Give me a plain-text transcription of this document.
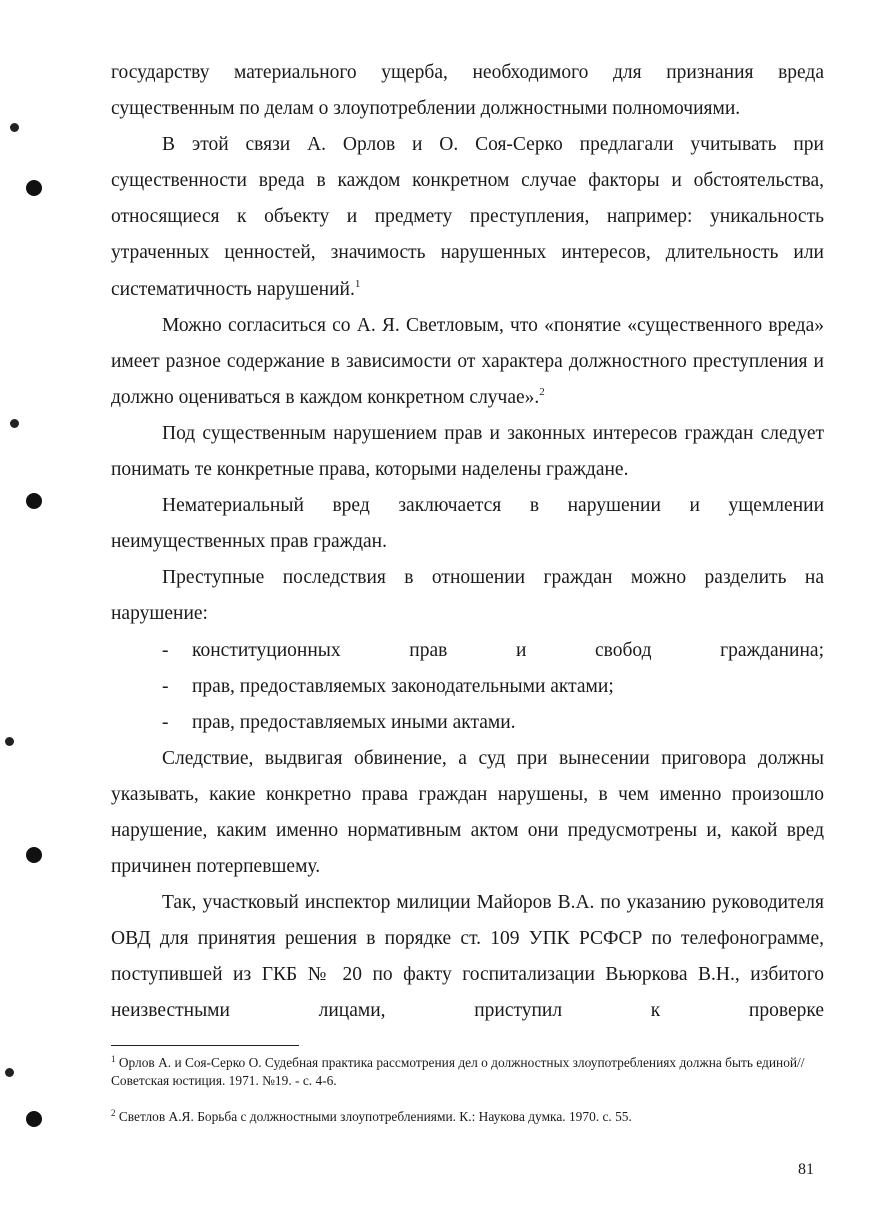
государству материального ущерба, необходимого для признания вреда существенным по делам о злоупотреблении должностными полномочиями.

В этой связи А. Орлов и О. Соя-Серко предлагали учитывать при существенности вреда в каждом конкретном случае факторы и обстоятельства, относящиеся к объекту и предмету преступления, например: уникальность утраченных ценностей, значимость нарушенных интересов, длительность или систематичность нарушений.$^1$

Можно согласиться со А. Я. Светловым, что «понятие «существенного вреда» имеет разное содержание в зависимости от характера должностного преступления и должно оцениваться в каждом конкретном случае».$^2$

Под существенным нарушением прав и законных интересов граждан следует понимать те конкретные права, которыми наделены граждане.

Нематериальный вред заключается в нарушении и ущемлении неимущественных прав граждан.

Преступные последствия в отношении граждан можно разделить на нарушение:

-	конституционных прав и свобод гражданина;
-	прав, предоставляемых законодательными актами;
-	прав, предоставляемых иными актами.

Следствие, выдвигая обвинение, а суд при вынесении приговора должны указывать, какие конкретно права граждан нарушены, в чем именно произошло нарушение, каким именно нормативным актом они предусмотрены и, какой вред причинен потерпевшему.

Так, участковый инспектор милиции Майоров В.А. по указанию руководителя ОВД для принятия решения в порядке ст. 109 УПК РСФСР по телефонограмме, поступившей из ГКБ № 20 по факту госпитализации Вьюркова В.Н., избитого неизвестными лицами, приступил к проверке

$^1$ Орлов А. и Соя-Серко О. Судебная практика рассмотрения дел о должностных злоупотреблениях должна быть единой// Советская юстиция. 1971. №19. - с. 4-6.

$^2$ Светлов А.Я. Борьба с должностными злоупотреблениями. К.: Наукова думка. 1970. с. 55.

81
